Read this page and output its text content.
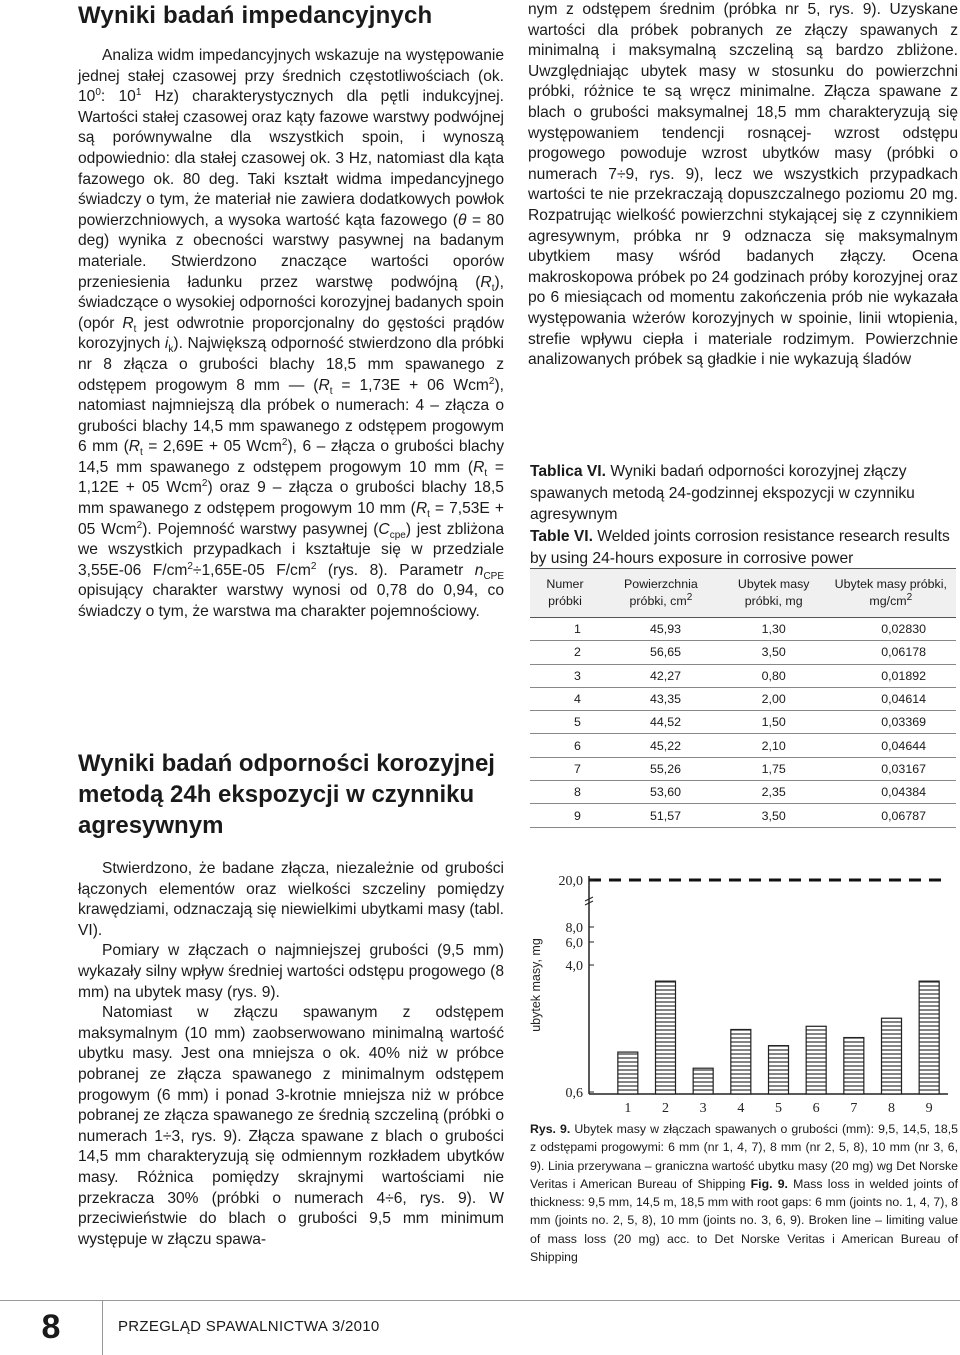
Wyniki badań impedancyjnych
Analiza widm impedancyjnych wskazuje na występowanie jednej stałej czasowej przy średnich częstotliwościach (ok. $10^0$: $10^1$ Hz) charakterystycznych dla pętli indukcyjnej. Wartości stałej czasowej oraz kąty fazowe warstwy podwójnej są porównywalne dla wszystkich spoin, i wynoszą odpowiednio: dla stałej czasowej ok. 3 Hz, natomiast dla kąta fazowego ok. 80 deg. Taki kształt widma impedancyjnego świadczy o tym, że materiał nie zawiera dodatkowych powłok powierzchniowych, a wysoka wartość kąta fazowego (θ = 80 deg) wynika z obecności warstwy pasywnej na badanym materiale. Stwierdzono znaczące wartości oporów przeniesienia ładunku przez warstwę podwójną $(R_t)$, świadczące o wysokiej odporności korozyjnej badanych spoin (opór $R_t$ jest odwrotnie proporcjonalny do gęstości prądów korozyjnych $i_k$). Największą odporność stwierdzono dla próbki nr 8 złącza o grubości blachy 18,5 mm spawanego z odstępem progowym 8 mm — ($R_t = 1,73E + 06$ Wcm$^2$), natomiast najmniejszą dla próbek o numerach: 4 – złącza o grubości blachy 14,5 mm spawanego z odstępem progowym 6 mm ($R_t = 2,69E + 05$ Wcm$^2$), 6 – złącza o grubości blachy 14,5 mm spawanego z odstępem progowym 10 mm ($R_t = 1,12E + 05$ Wcm$^2$) oraz 9 – złącza o grubości blachy 18,5 mm spawanego z odstępem progowym 10 mm ($R_t = 7,53E + 05$ Wcm$^2$). Pojemność warstwy pasywnej $(C_{cpe})$ jest zbliżona we wszystkich przypadkach i kształtuje się w przedziale 3,55E-06 $F/cm^2\div 1,65E-05$ $F/cm^2$ (rys. 8). Parametr $n_{CPE}$ opisujący charakter warstwy wynosi od 0,78 do 0,94, co świadczy o tym, że warstwa ma charakter pojemnościowy.
Wyniki badań odporności korozyjnej metodą 24h ekspozycji w czynniku agresywnym

Stwierdzono, że badane złącza, niezależnie od grubości łączonych elementów oraz wielkości szczeliny pomiędzy krawędziami, odznaczają się niewielkimi ubytkami masy (tabl. VI).

Pomiary w złączach o najmniejszej grubości (9,5 mm) wykazały silny wpływ średniej wartości odstępu progowego (8 mm) na ubytek masy (rys. 9).

Natomiast w złączu spawanym z odstępem maksymalnym (10 mm) zaobserwowano minimalną wartość ubytku masy. Jest ona mniejsza o ok. 40% niż w próbce pobranej ze złącza spawanego z minimalnym odstępem progowym (6 mm) i ponad 3-krotnie mniejsza niż w próbce pobranej ze złącza spawanego ze średnią szczeliną (próbki o numerach 1÷3, rys. 9). Złącza spawane z blach o grubości 14,5 mm charakteryzują się odmiennym rozkładem ubytków masy. Różnica pomiędzy skrajnymi wartościami nie przekracza 30% (próbki o numerach 4÷6, rys. 9). W przeciwieństwie do blach o grubości 9,5 mm minimum występuje w złączu spawa-

nym z odstępem średnim (próbka nr 5, rys. 9). Uzyskane wartości dla próbek pobranych ze złączy spawanych z minimalną i maksymalną szczeliną są bardzo zbliżone. Uwzględniając ubytek masy w stosunku do powierzchni próbki, różnice te są wręcz minimalne. Złącza spawane z blach o grubości maksymalnej 18,5 mm charakteryzują się występowaniem tendencji rosnącej- wzrost odstępu progowego powoduje wzrost ubytków masy (próbki o numerach 7÷9, rys. 9), lecz we wszystkich przypadkach wartości te nie przekraczają dopuszczalnego poziomu 20 mg. Rozpatrując wielkość powierzchni stykającej się z czynnikiem agresywnym, próbka nr 9 odznacza się maksymalnym ubytkiem masy wśród badanych złączy. Ocena makroskopowa próbek po 24 godzinach próby korozyjnej oraz po 6 miesiącach od momentu zakończenia prób nie wykazała występowania wżerów korozyjnych w spoinie, linii wtopienia, strefie wpływu ciepła i materiale rodzimym. Powierzchnie analizowanych próbek są gładkie i nie wykazują śladów

Tablica VI. Wyniki badań odporności korozyjnej złączy spawanych metodą 24-godzinnej ekspozycji w czynniku agresywnym

Table VI. Welded joints corrosion resistance research results by using 24-hours exposure in corrosive power

Numer próbki	Powierzchnia próbki, $cm^2$	Ubytek masy próbki, mg	Ubytek masy próbki, $mg/cm^2$
1	45,93	1,30	0,02830
2	56,65	3,50	0,06178
3	42,27	0,80	0,01892
4	43,35	2,00	0,04614
5	44,52	1,50	0,03369
6	45,22	2,10	0,04644
7	55,26	1,75	0,03167
8	53,60	2,35	0,04384
9	51,57	3,50	0,06787
20,0
8,0
6,0
4,0
0,6
1 2 3 4 5 6 7 8 9
ubytek masy, mg

Rys. 9. Ubytek masy w złączach spawanych o grubości (mm): 9,5, 14,5, 18,5 z odstępami progowymi: 6 mm (nr 1, 4, 7), 8 mm (nr 2, 5, 8), 10 mm (nr 3, 6, 9). Linia przerywana – graniczna wartość ubytku masy (20 mg) wg Det Norske Veritas i American Bureau of Shipping Fig. 9. Mass loss in welded joints of thickness: 9,5 mm, 14,5 m, 18,5 mm with root gaps: 6 mm (joints no. 1, 4, 7), 8 mm (joints no. 2, 5, 8), 10 mm (joints no. 3, 6, 9). Broken line – limiting value of mass loss (20 mg) acc. to Det Norske Veritas i American Bureau of Shipping

8	PRZEGLĄD SPAWALNICTWA 3/2010
